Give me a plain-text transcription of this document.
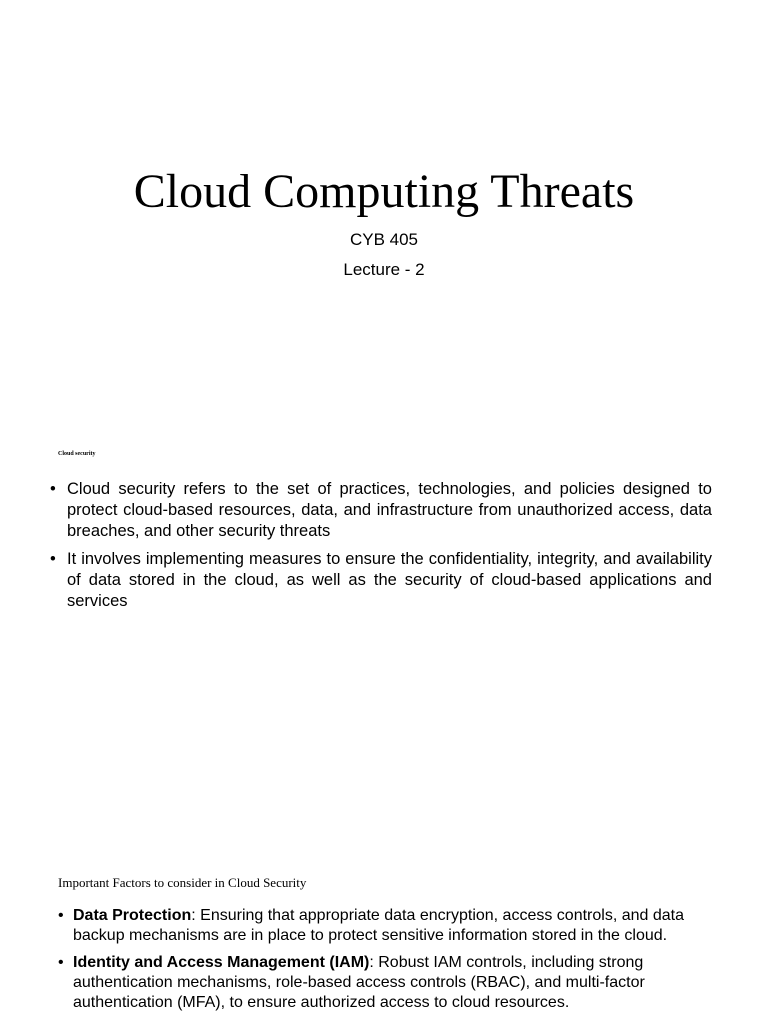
Cloud Computing Threats
CYB 405
Lecture - 2
Cloud security
• Cloud security refers to the set of practices, technologies, and policies designed to protect cloud-based resources, data, and infrastructure from unauthorized access, data breaches, and other security threats
• It involves implementing measures to ensure the confidentiality, integrity, and availability of data stored in the cloud, as well as the security of cloud-based applications and services
Important Factors to consider in Cloud Security
• Data Protection: Ensuring that appropriate data encryption, access controls, and data backup mechanisms are in place to protect sensitive information stored in the cloud.
• Identity and Access Management (IAM): Robust IAM controls, including strong authentication mechanisms, role-based access controls (RBAC), and multi-factor authentication (MFA), to ensure authorized access to cloud resources.
